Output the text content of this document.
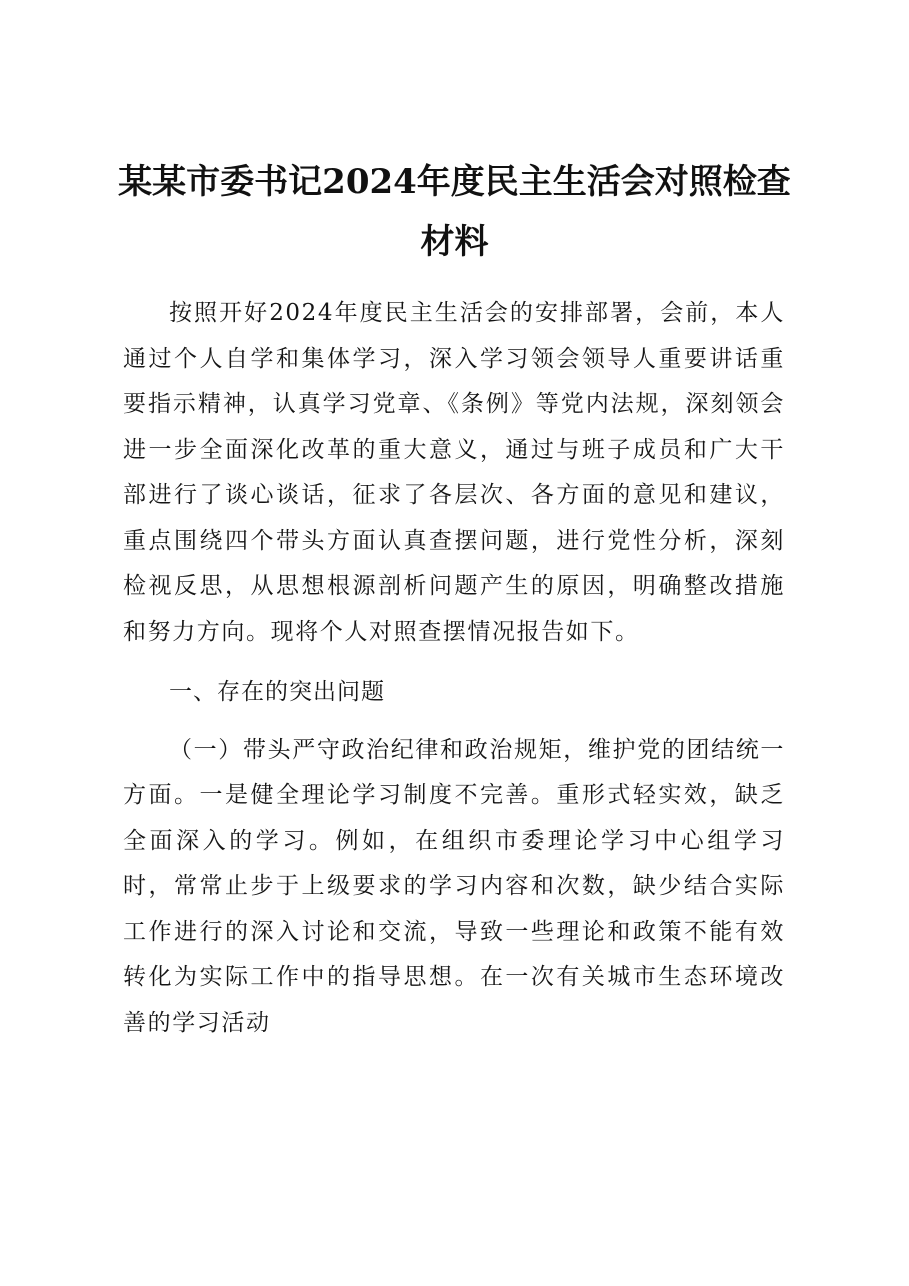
某某市委书记2024年度民主生活会对照检查材料

按照开好2024年度民主生活会的安排部署，会前，本人通过个人自学和集体学习，深入学习领会领导人重要讲话重要指示精神，认真学习党章、《条例》等党内法规，深刻领会进一步全面深化改革的重大意义，通过与班子成员和广大干部进行了谈心谈话，征求了各层次、各方面的意见和建议，重点围绕四个带头方面认真查摆问题，进行党性分析，深刻检视反思，从思想根源剖析问题产生的原因，明确整改措施和努力方向。现将个人对照查摆情况报告如下。

一、存在的突出问题

（一）带头严守政治纪律和政治规矩，维护党的团结统一方面。一是健全理论学习制度不完善。重形式轻实效，缺乏全面深入的学习。例如，在组织市委理论学习中心组学习时，常常止步于上级要求的学习内容和次数，缺少结合实际工作进行的深入讨论和交流，导致一些理论和政策不能有效转化为实际工作中的指导思想。在一次有关城市生态环境改善的学习活动
